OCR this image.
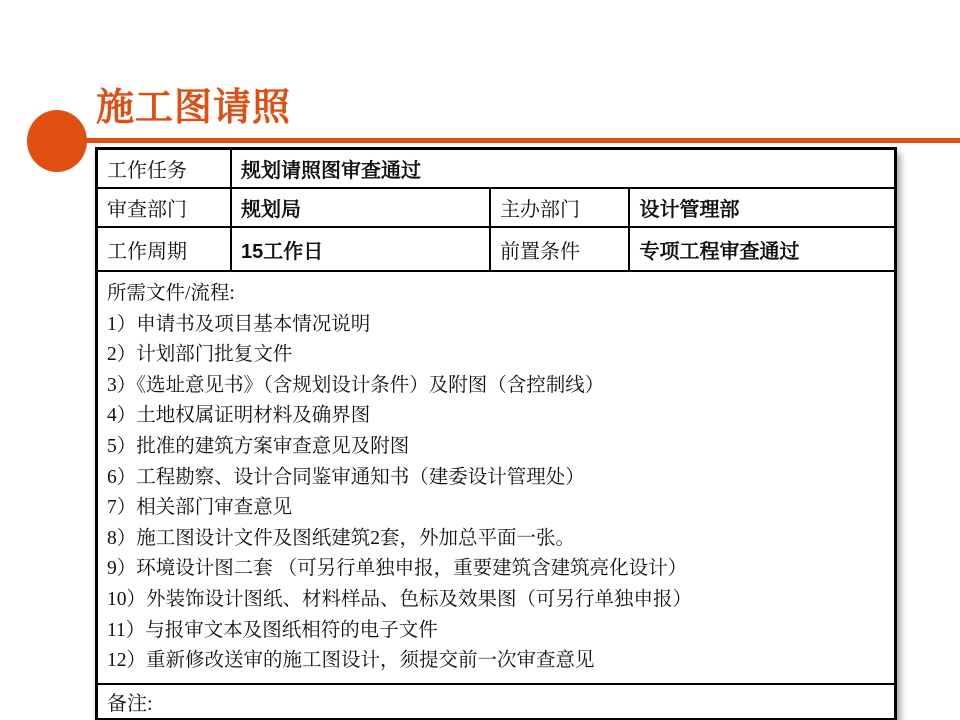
施工图请照
工作任务	规划请照图审查通过		
审查部门	规划局	主办部门	设计管理部
工作周期	15工作日	前置条件	专项工程审查通过

所需文件/流程:
1）申请书及项目基本情况说明
2）计划部门批复文件
3）《选址意见书》（含规划设计条件）及附图（含控制线）
4）土地权属证明材料及确界图
5）批准的建筑方案审查意见及附图
6）工程勘察、设计合同鉴审通知书（建委设计管理处）
7）相关部门审查意见
8）施工图设计文件及图纸建筑2套，外加总平面一张。
9）环境设计图二套 （可另行单独申报，重要建筑含建筑亮化设计）
10）外装饰设计图纸、材料样品、色标及效果图（可另行单独申报）
11）与报审文本及图纸相符的电子文件
12）重新修改送审的施工图设计，须提交前一次审查意见

备注:			
